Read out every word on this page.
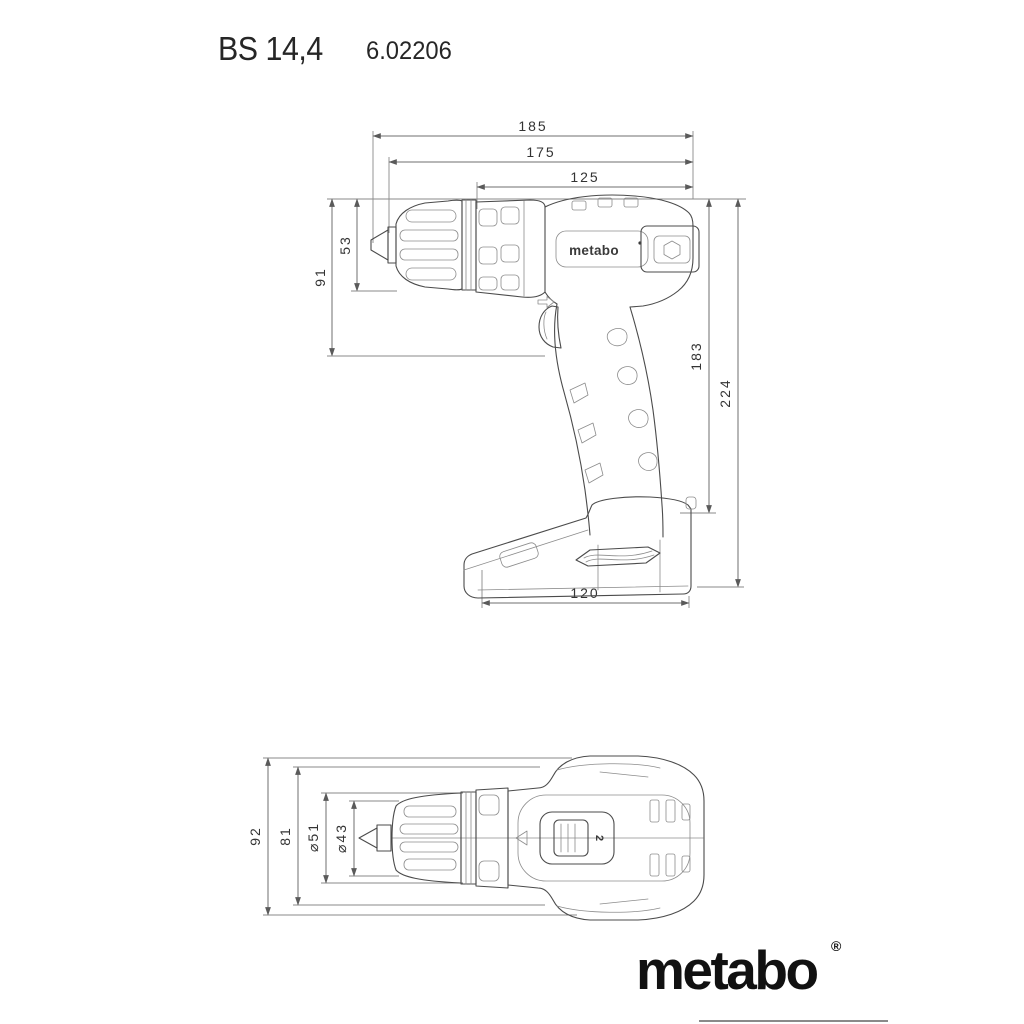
BS 14,4 6.02206
185
175
125
91
53
183
224
120
metabo
92 81 ⌀51 ⌀43	2
metabo ®
